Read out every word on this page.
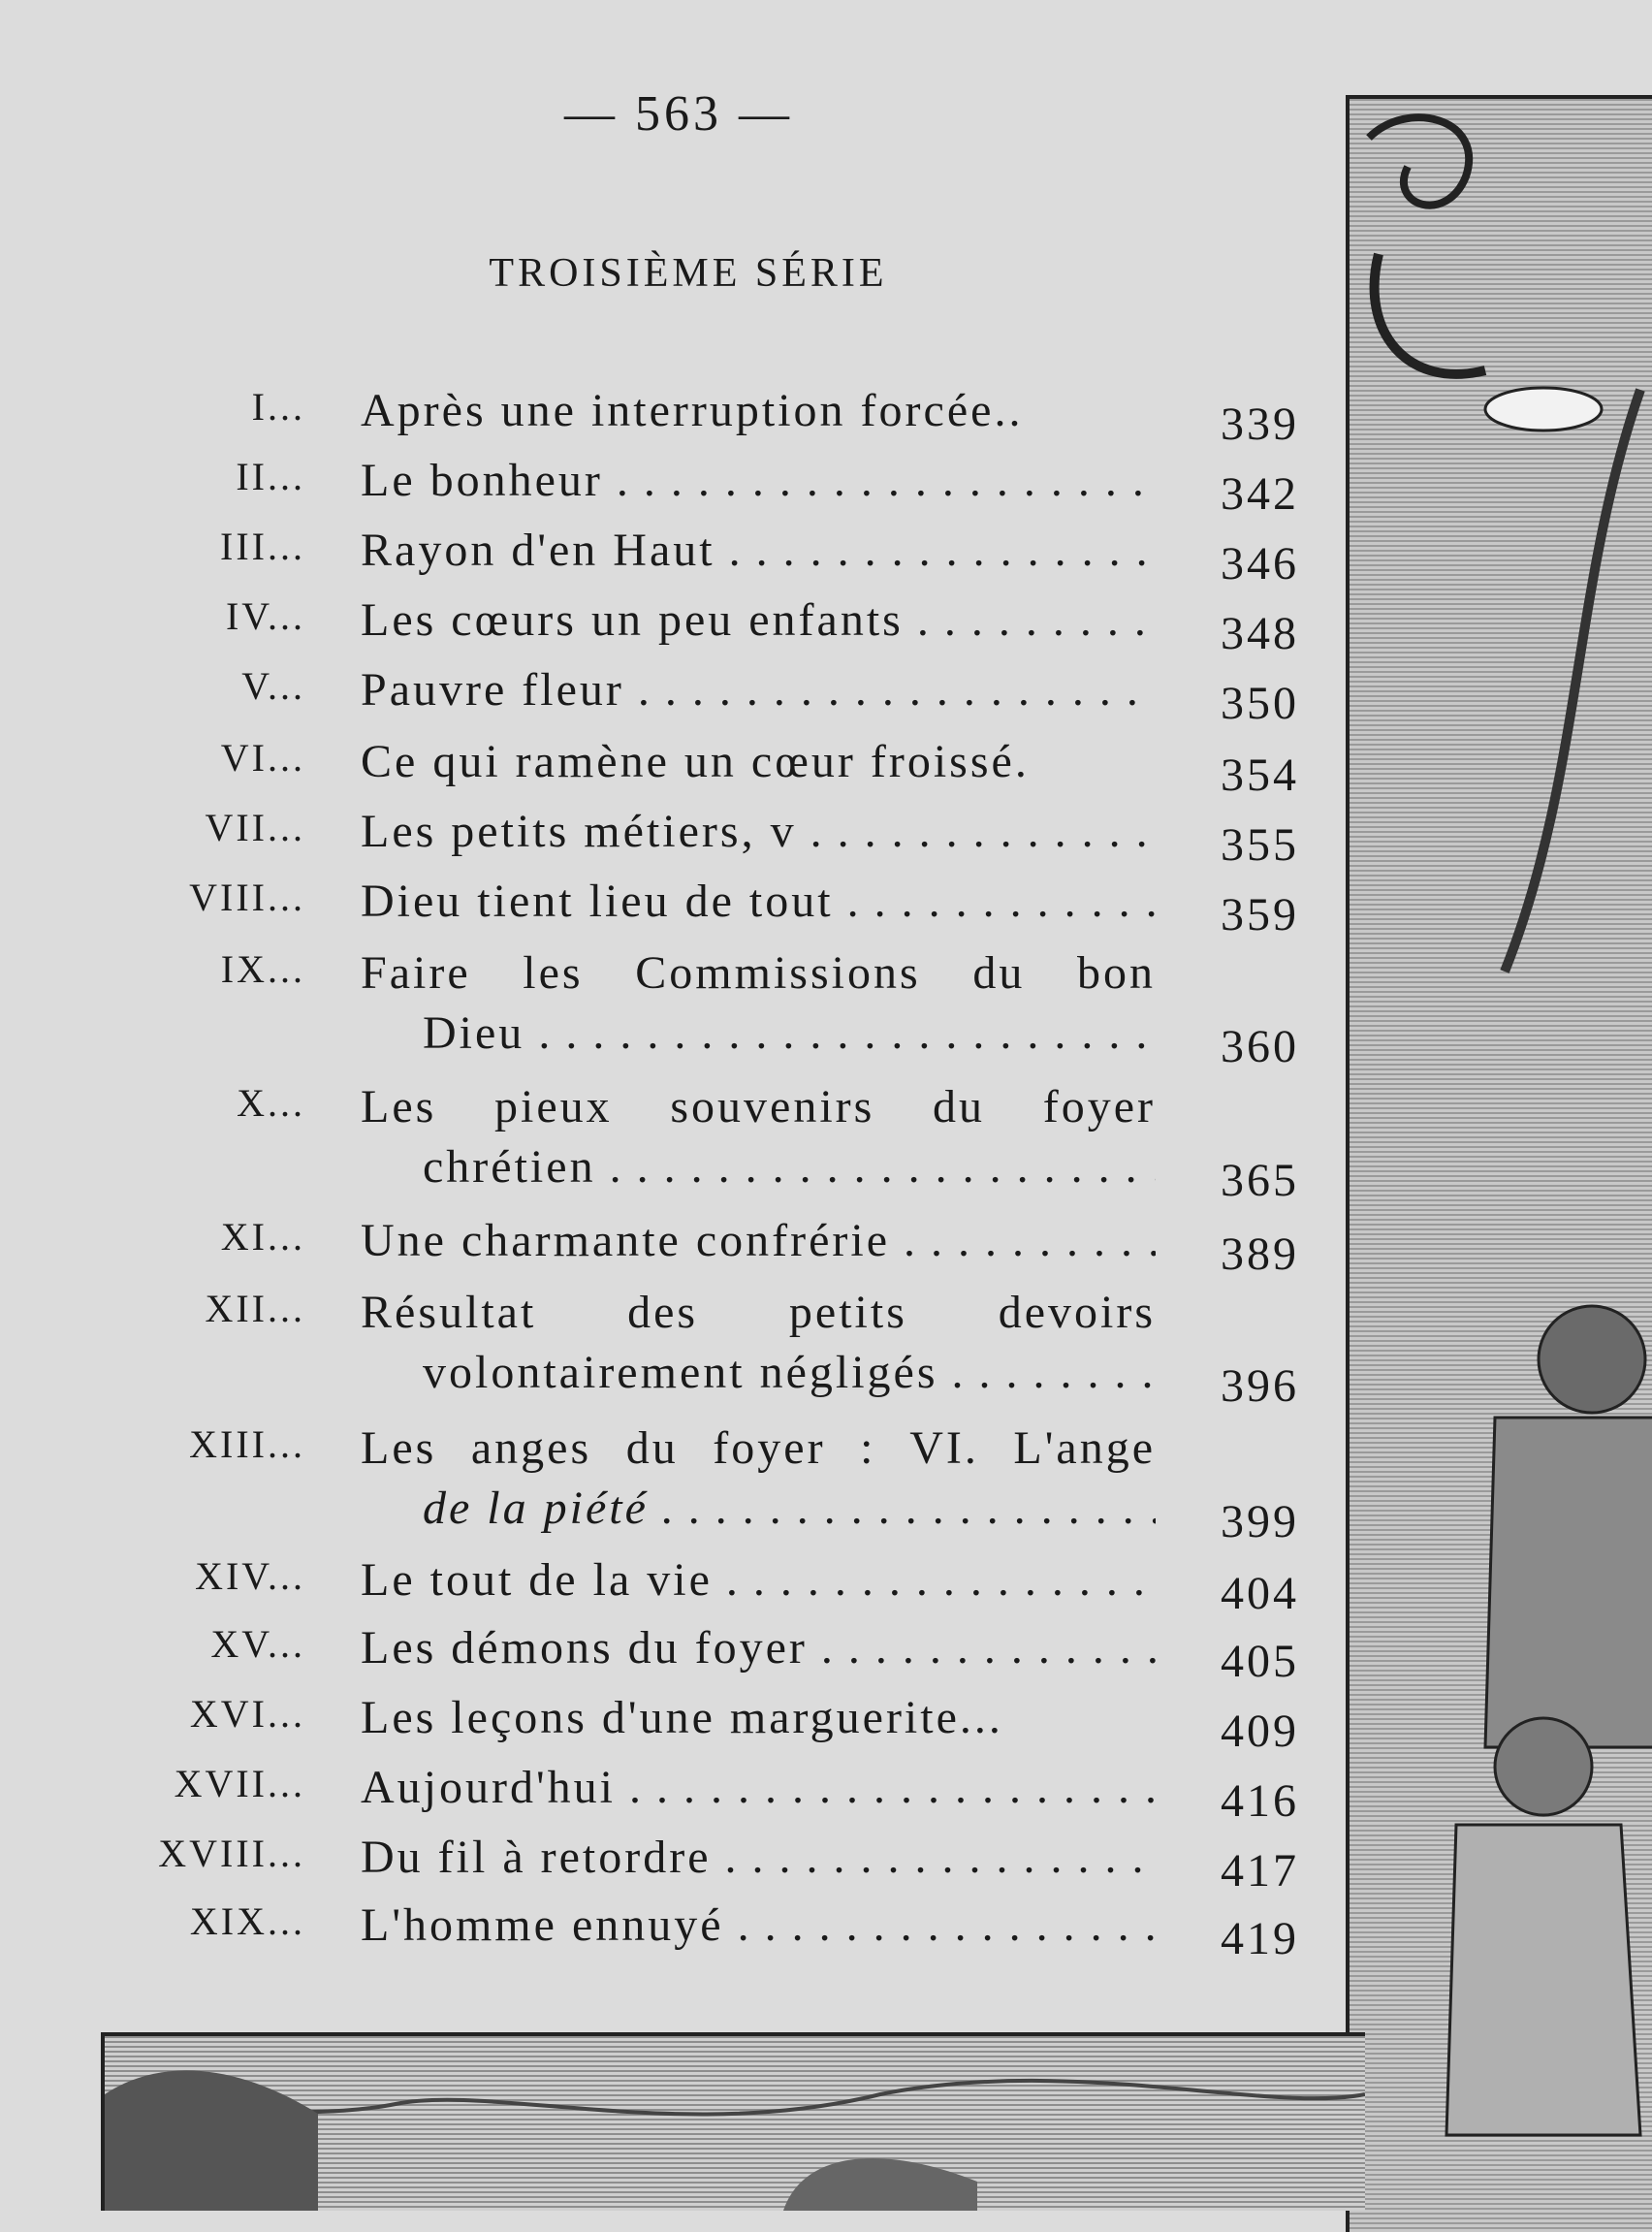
— 563 —
TROISIÈME SÉRIE
I... Après une interruption forcée..	339
II... Le bonheur . . .	342
III... Rayon d'en Haut . . .	346
IV... Les cœurs un peu enfants . . .	348
V... Pauvre fleur . . .	350
VI... Ce qui ramène un cœur froissé.	354
VII... Les petits métiers, v . . .	355
VIII... Dieu tient lieu de tout . . .	359
IX... Faire les Commissions du bon
Dieu . . .	360
X... Les pieux souvenirs du foyer
chrétien . . .	365
XI... Une charmante confrérie . . .	389
XII... Résultat des petits devoirs
volontairement négligés . . .	396
XIII... Les anges du foyer : VI. L'ange
de la piété . . .	399
XIV... Le tout de la vie . . .	404
XV... Les démons du foyer . . .	405
XVI... Les leçons d'une marguerite...	409
XVII... Aujourd'hui . . .	416
XVIII... Du fil à retordre . . .	417
XIX... L'homme ennuyé . . .	419
